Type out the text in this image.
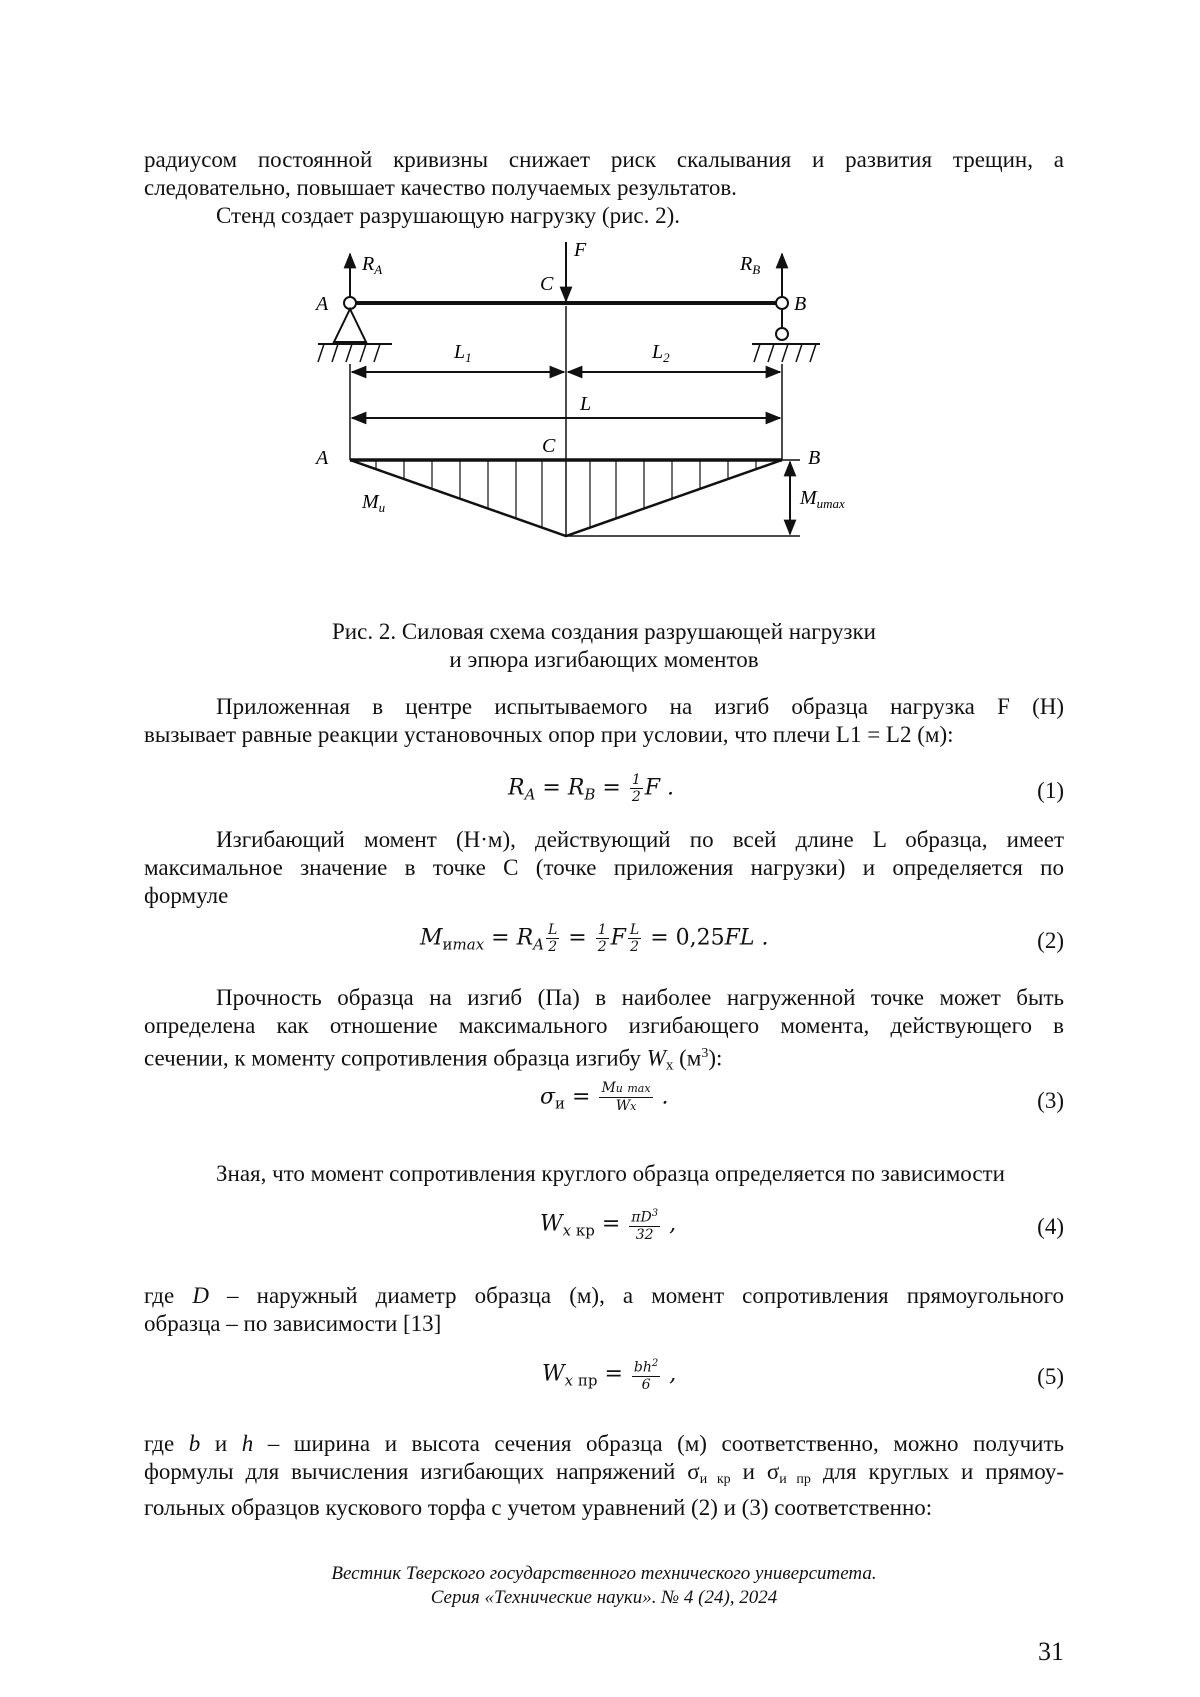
радиусом постоянной кривизны снижает риск скалывания и развития трещин, а
следовательно, повышает качество получаемых результатов.
Стенд создает разрушающую нагрузку (рис. 2).
$R_A$
F
$R_B$
C
A	B
$L_1$	$L_2$
L
A
C
B
$M_и$	$M_{иmax}$
Рис. 2. Силовая схема создания разрушающей нагрузки
и эпюра изгибающих моментов
Приложенная в центре испытываемого на изгиб образца нагрузка F (Н)
вызывает равные реакции установочных опор при условии, что плечи L1 = L2 (м):
$R_A = R_B = \frac{1}{2}$ F .	(1)
Изгибающий момент (Н·м), действующий по всей длине L образца, имеет
максимальное значение в точке C (точке приложения нагрузки) и определяется по
формуле
$M_{иmax} = R_A \frac{L}{2} = \frac{1}{2}$ F $\frac{L}{2} = 0,25FL$ .	(2)
Прочность образца на изгиб (Па) в наиболее нагруженной точке может быть
определена как отношение максимального изгибающего момента, действующего в
сечении, к моменту сопротивления образца изгибу Wх $(м^3)$:
$\sigma_и = \frac{\text{Mи max}}{Wx}$ .	(3)
Зная, что момент сопротивления круглого образца определяется по зависимости
$W_x$ $_{кр} = \frac{\pi D^3}{32}$ ,	(4)
где D – наружный диаметр образца (м), а момент сопротивления прямоугольного
образца – по зависимости [13]
$W_x$ $_{пр} = \frac{bh^2}{6}$ ,	(5)
где b и h – ширина и высота сечения образца (м) соответственно, можно получить
формулы для вычисления изгибающих напряжений σи кр и σи пр для круглых и прямоу-
гольных образцов кускового торфа с учетом уравнений (2) и (3) соответственно:
Вестник Тверского государственного технического университета.
Серия «Технические науки». № 4 (24), 2024
31
